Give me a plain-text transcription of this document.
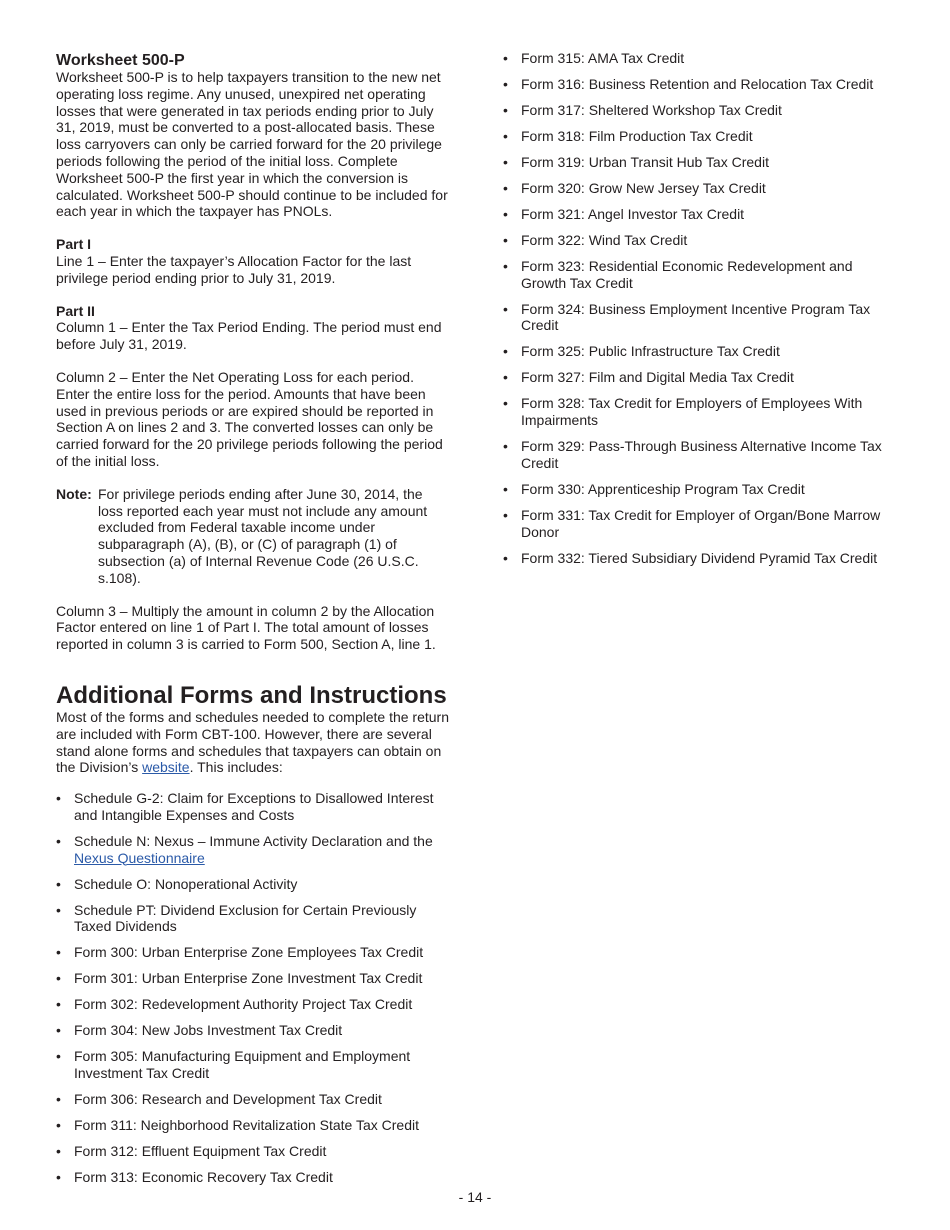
Worksheet 500-P

Worksheet 500-P is to help taxpayers transition to the new net operating loss regime. Any unused, unexpired net operating losses that were generated in tax periods ending prior to July 31, 2019, must be converted to a post-allocated basis. These loss carryovers can only be carried forward for the 20 privilege periods following the period of the initial loss. Complete Worksheet 500-P the first year in which the conversion is calculated. Worksheet 500-P should continue to be included for each year in which the taxpayer has PNOLs.

Part I

Line 1 – Enter the taxpayer’s Allocation Factor for the last privilege period ending prior to July 31, 2019.

Part II

Column 1 – Enter the Tax Period Ending. The period must end before July 31, 2019.

Column 2 – Enter the Net Operating Loss for each period. Enter the entire loss for the period. Amounts that have been used in previous periods or are expired should be reported in Section A on lines 2 and 3. The converted losses can only be carried forward for the 20 privilege periods following the period of the initial loss.

Note: For privilege periods ending after June 30, 2014, the loss reported each year must not include any amount excluded from Federal taxable income under subparagraph (A), (B), or (C) of paragraph (1) of subsection (a) of Internal Revenue Code (26 U.S.C. s.108).

Column 3 – Multiply the amount in column 2 by the Allocation Factor entered on line 1 of Part I. The total amount of losses reported in column 3 is carried to Form 500, Section A, line 1.

Additional Forms and Instructions

Most of the forms and schedules needed to complete the return are included with Form CBT-100. However, there are several stand alone forms and schedules that taxpayers can obtain on the Division’s website. This includes:

• Schedule G-2: Claim for Exceptions to Disallowed Interest and Intangible Expenses and Costs
• Schedule N: Nexus – Immune Activity Declaration and the Nexus Questionnaire
• Schedule O: Nonoperational Activity
• Schedule PT: Dividend Exclusion for Certain Previously Taxed Dividends
• Form 300: Urban Enterprise Zone Employees Tax Credit
• Form 301: Urban Enterprise Zone Investment Tax Credit
• Form 302: Redevelopment Authority Project Tax Credit
• Form 304: New Jobs Investment Tax Credit
• Form 305: Manufacturing Equipment and Employment Investment Tax Credit
• Form 306: Research and Development Tax Credit
• Form 311: Neighborhood Revitalization State Tax Credit
• Form 312: Effluent Equipment Tax Credit
• Form 313: Economic Recovery Tax Credit
• Form 315: AMA Tax Credit
• Form 316: Business Retention and Relocation Tax Credit
• Form 317: Sheltered Workshop Tax Credit
• Form 318: Film Production Tax Credit
• Form 319: Urban Transit Hub Tax Credit
• Form 320: Grow New Jersey Tax Credit
• Form 321: Angel Investor Tax Credit
• Form 322: Wind Tax Credit
• Form 323: Residential Economic Redevelopment and Growth Tax Credit
• Form 324: Business Employment Incentive Program Tax Credit
• Form 325: Public Infrastructure Tax Credit
• Form 327: Film and Digital Media Tax Credit
• Form 328: Tax Credit for Employers of Employees With Impairments
• Form 329: Pass-Through Business Alternative Income Tax Credit
• Form 330: Apprenticeship Program Tax Credit
• Form 331: Tax Credit for Employer of Organ/Bone Marrow Donor
• Form 332: Tiered Subsidiary Dividend Pyramid Tax Credit
- 14 -
